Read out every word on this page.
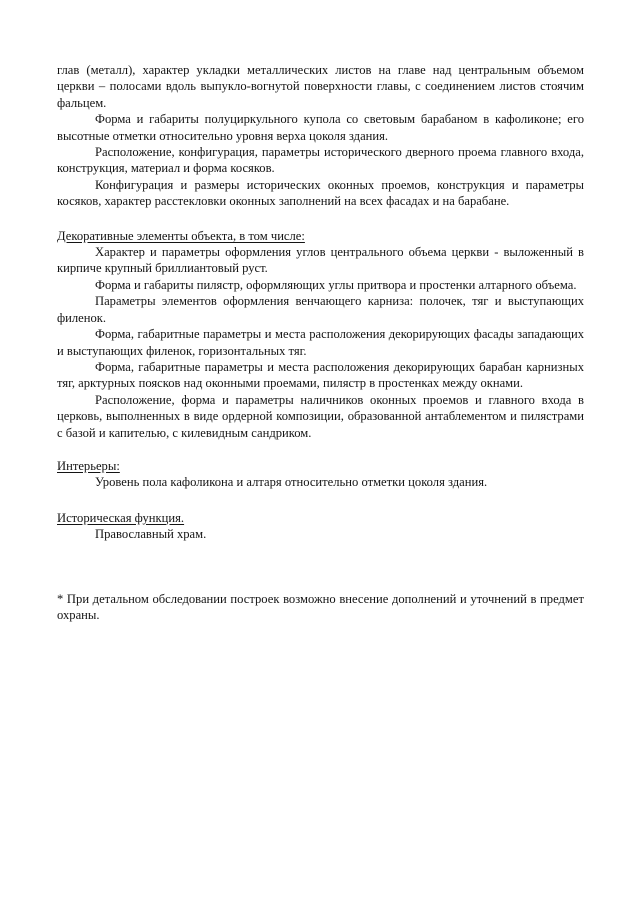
глав (металл), характер укладки металлических листов на главе над центральным объемом церкви – полосами вдоль выпукло-вогнутой поверхности главы, с соединением листов стоячим фальцем.

Форма и габариты полуциркульного купола со световым барабаном в кафоликоне; его высотные отметки относительно уровня верха цоколя здания.

Расположение, конфигурация, параметры исторического дверного проема главного входа, конструкция, материал и форма косяков.

Конфигурация и размеры исторических оконных проемов, конструкция и параметры косяков, характер расстекловки оконных заполнений на всех фасадах и на барабане.

Декоративные элементы объекта, в том числе:

Характер и параметры оформления углов центрального объема церкви - выложенный в кирпиче крупный бриллиантовый руст.

Форма и габариты пилястр, оформляющих углы притвора и простенки алтарного объема.

Параметры элементов оформления венчающего карниза: полочек, тяг и выступающих филенок.

Форма, габаритные параметры и места расположения декорирующих фасады западающих и выступающих филенок, горизонтальных тяг.

Форма, габаритные параметры и места расположения декорирующих барабан карнизных тяг, арктурных поясков над оконными проемами, пилястр в простенках между окнами.

Расположение, форма и параметры наличников оконных проемов и главного входа в церковь, выполненных в виде ордерной композиции, образованной антаблементом и пилястрами с базой и капителью, с килевидным сандриком.

Интерьеры:

Уровень пола кафоликона и алтаря относительно отметки цоколя здания.

Историческая функция.

Православный храм.

* При детальном обследовании построек возможно внесение дополнений и уточнений в предмет охраны.
